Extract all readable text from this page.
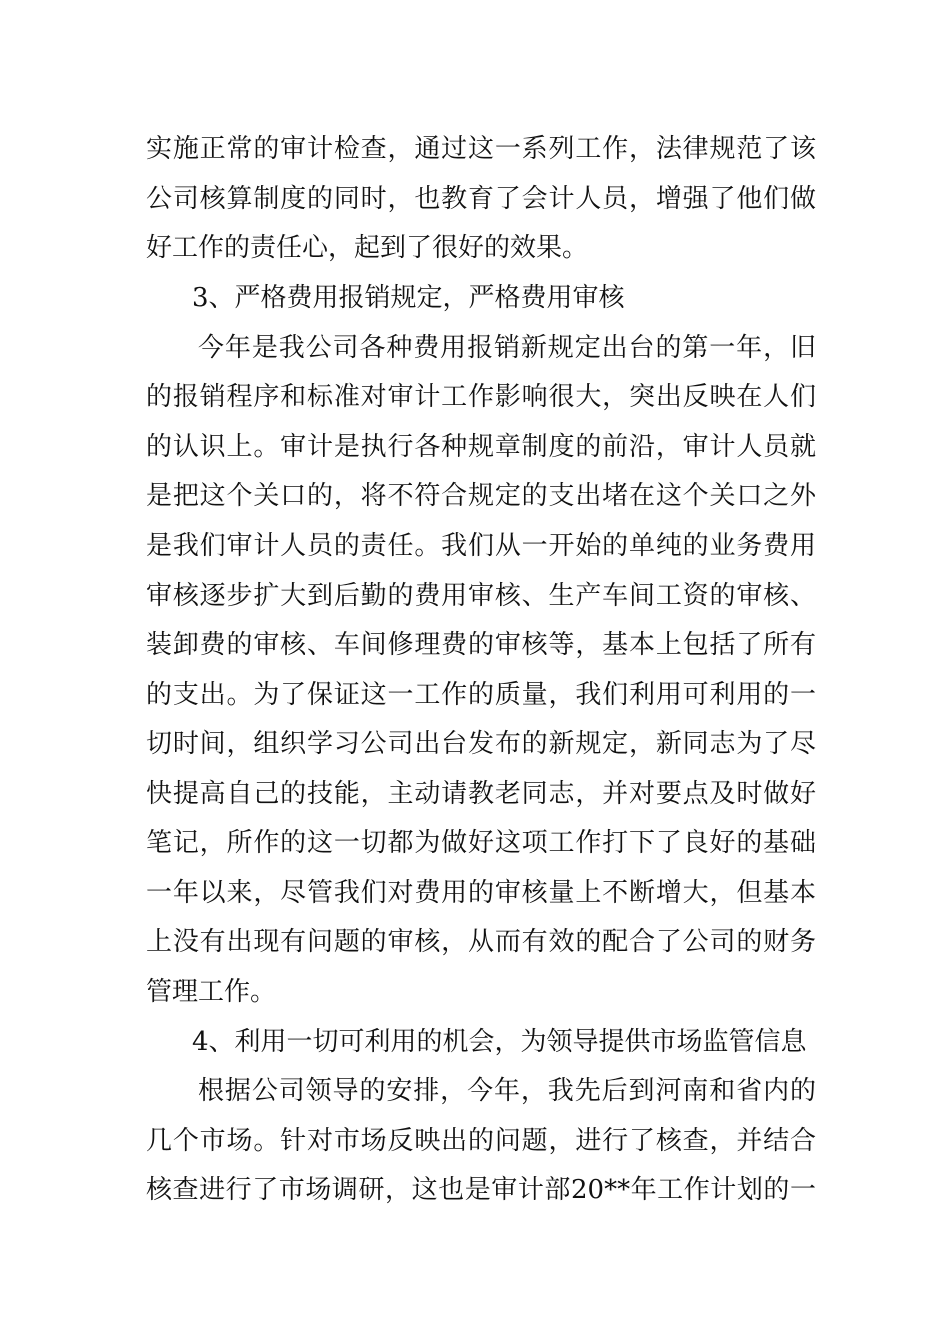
实施正常的审计检查，通过这一系列工作，法律规范了该
公司核算制度的同时，也教育了会计人员，增强了他们做
好工作的责任心，起到了很好的效果。
3、严格费用报销规定，严格费用审核
今年是我公司各种费用报销新规定出台的第一年，旧
的报销程序和标准对审计工作影响很大，突出反映在人们
的认识上。审计是执行各种规章制度的前沿，审计人员就
是把这个关口的，将不符合规定的支出堵在这个关口之外
是我们审计人员的责任。我们从一开始的单纯的业务费用
审核逐步扩大到后勤的费用审核、生产车间工资的审核、
装卸费的审核、车间修理费的审核等，基本上包括了所有
的支出。为了保证这一工作的质量，我们利用可利用的一
切时间，组织学习公司出台发布的新规定，新同志为了尽
快提高自己的技能，主动请教老同志，并对要点及时做好
笔记，所作的这一切都为做好这项工作打下了良好的基础
一年以来，尽管我们对费用的审核量上不断增大，但基本
上没有出现有问题的审核，从而有效的配合了公司的财务
管理工作。
4、利用一切可利用的机会，为领导提供市场监管信息
根据公司领导的安排，今年，我先后到河南和省内的
几个市场。针对市场反映出的问题，进行了核查，并结合
核查进行了市场调研，这也是审计部20**年工作计划的一
